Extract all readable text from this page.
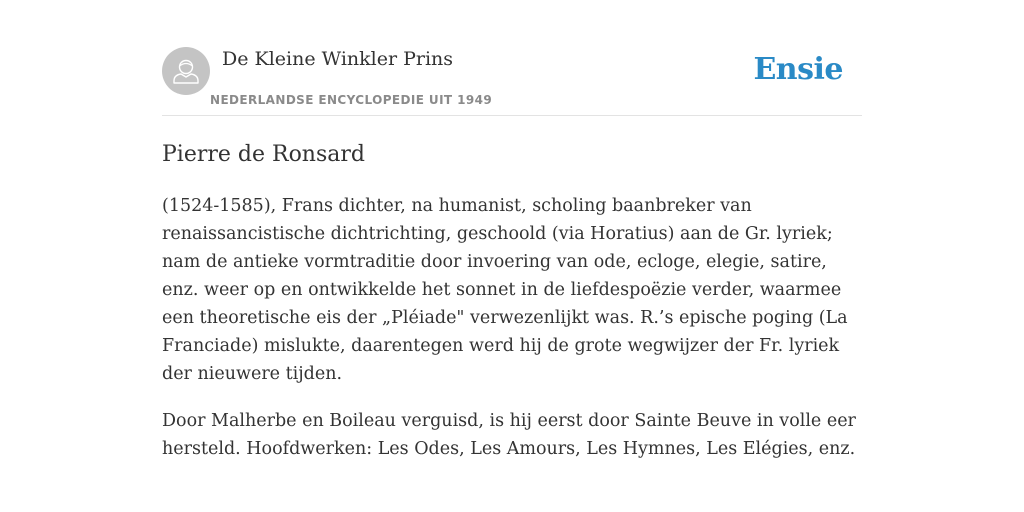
De Kleine Winkler Prins
NEDERLANDSE ENCYCLOPEDIE UIT 1949
Ensie
Pierre de Ronsard

(1524-1585), Frans dichter, na humanist, scholing baanbreker van renaissancistische dichtrichting, geschoold (via Horatius) aan de Gr. lyriek; nam de antieke vormtraditie door invoering van ode, ecloge, elegie, satire, enz. weer op en ontwikkelde het sonnet in de liefdespoëzie verder, waarmee een theoretische eis der „Pléiade" verwezenlijkt was. R.’s epische poging (La Franciade) mislukte, daarentegen werd hij de grote wegwijzer der Fr. lyriek der nieuwere tijden.

Door Malherbe en Boileau verguisd, is hij eerst door Sainte Beuve in volle eer hersteld. Hoofdwerken: Les Odes, Les Amours, Les Hymnes, Les Elégies, enz.
